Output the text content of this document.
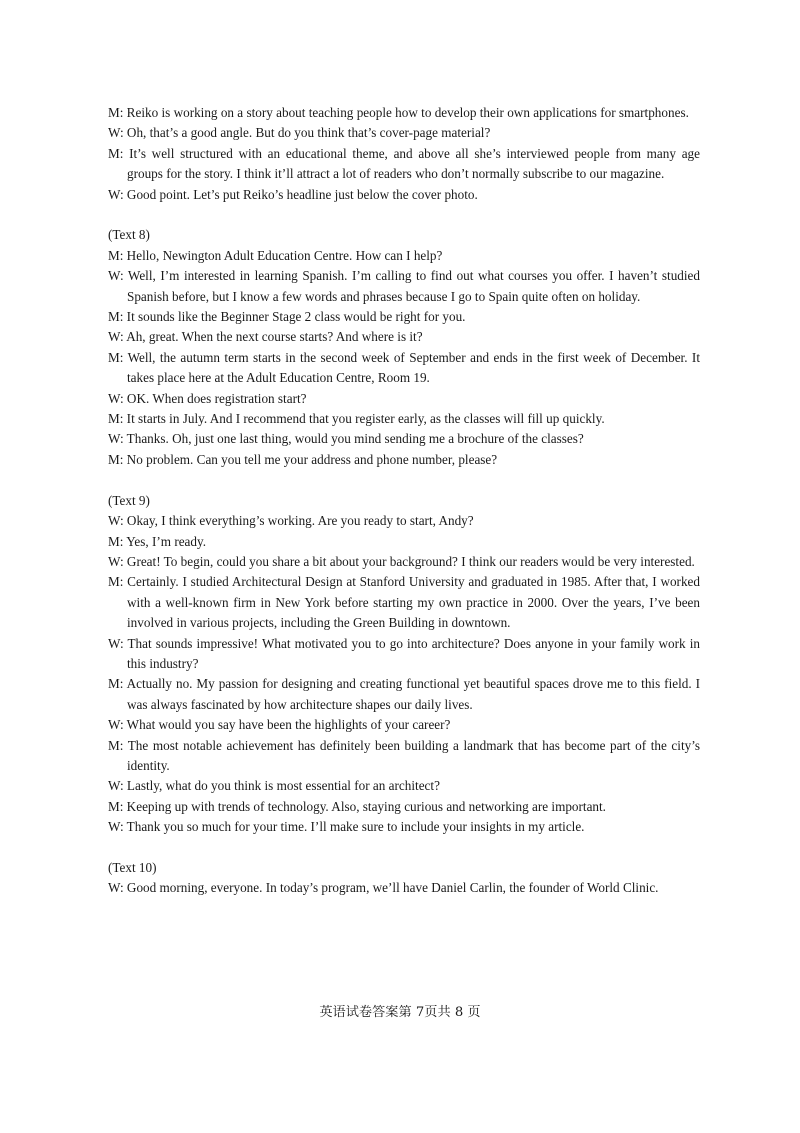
M: Reiko is working on a story about teaching people how to develop their own applications for smartphones.
W: Oh, that’s a good angle. But do you think that’s cover-page material?
M: It’s well structured with an educational theme, and above all she’s interviewed people from many age groups for the story. I think it’ll attract a lot of readers who don’t normally subscribe to our magazine.
W: Good point. Let’s put Reiko’s headline just below the cover photo.
(Text 8)
M: Hello, Newington Adult Education Centre. How can I help?
W: Well, I’m interested in learning Spanish. I’m calling to find out what courses you offer. I haven’t studied Spanish before, but I know a few words and phrases because I go to Spain quite often on holiday.
M: It sounds like the Beginner Stage 2 class would be right for you.
W: Ah, great. When the next course starts? And where is it?
M: Well, the autumn term starts in the second week of September and ends in the first week of December. It takes place here at the Adult Education Centre, Room 19.
W: OK. When does registration start?
M: It starts in July. And I recommend that you register early, as the classes will fill up quickly.
W: Thanks. Oh, just one last thing, would you mind sending me a brochure of the classes?
M: No problem. Can you tell me your address and phone number, please?
(Text 9)
W: Okay, I think everything’s working. Are you ready to start, Andy?
M: Yes, I’m ready.
W: Great! To begin, could you share a bit about your background? I think our readers would be very interested.
M: Certainly. I studied Architectural Design at Stanford University and graduated in 1985. After that, I worked with a well-known firm in New York before starting my own practice in 2000. Over the years, I’ve been involved in various projects, including the Green Building in downtown.
W: That sounds impressive! What motivated you to go into architecture? Does anyone in your family work in this industry?
M: Actually no. My passion for designing and creating functional yet beautiful spaces drove me to this field. I was always fascinated by how architecture shapes our daily lives.
W: What would you say have been the highlights of your career?
M: The most notable achievement has definitely been building a landmark that has become part of the city’s identity.
W: Lastly, what do you think is most essential for an architect?
M: Keeping up with trends of technology. Also, staying curious and networking are important.
W: Thank you so much for your time. I’ll make sure to include your insights in my article.
(Text 10)
W: Good morning, everyone. In today’s program, we’ll have Daniel Carlin, the founder of World Clinic.
英语试卷答案第 7页共 8 页
